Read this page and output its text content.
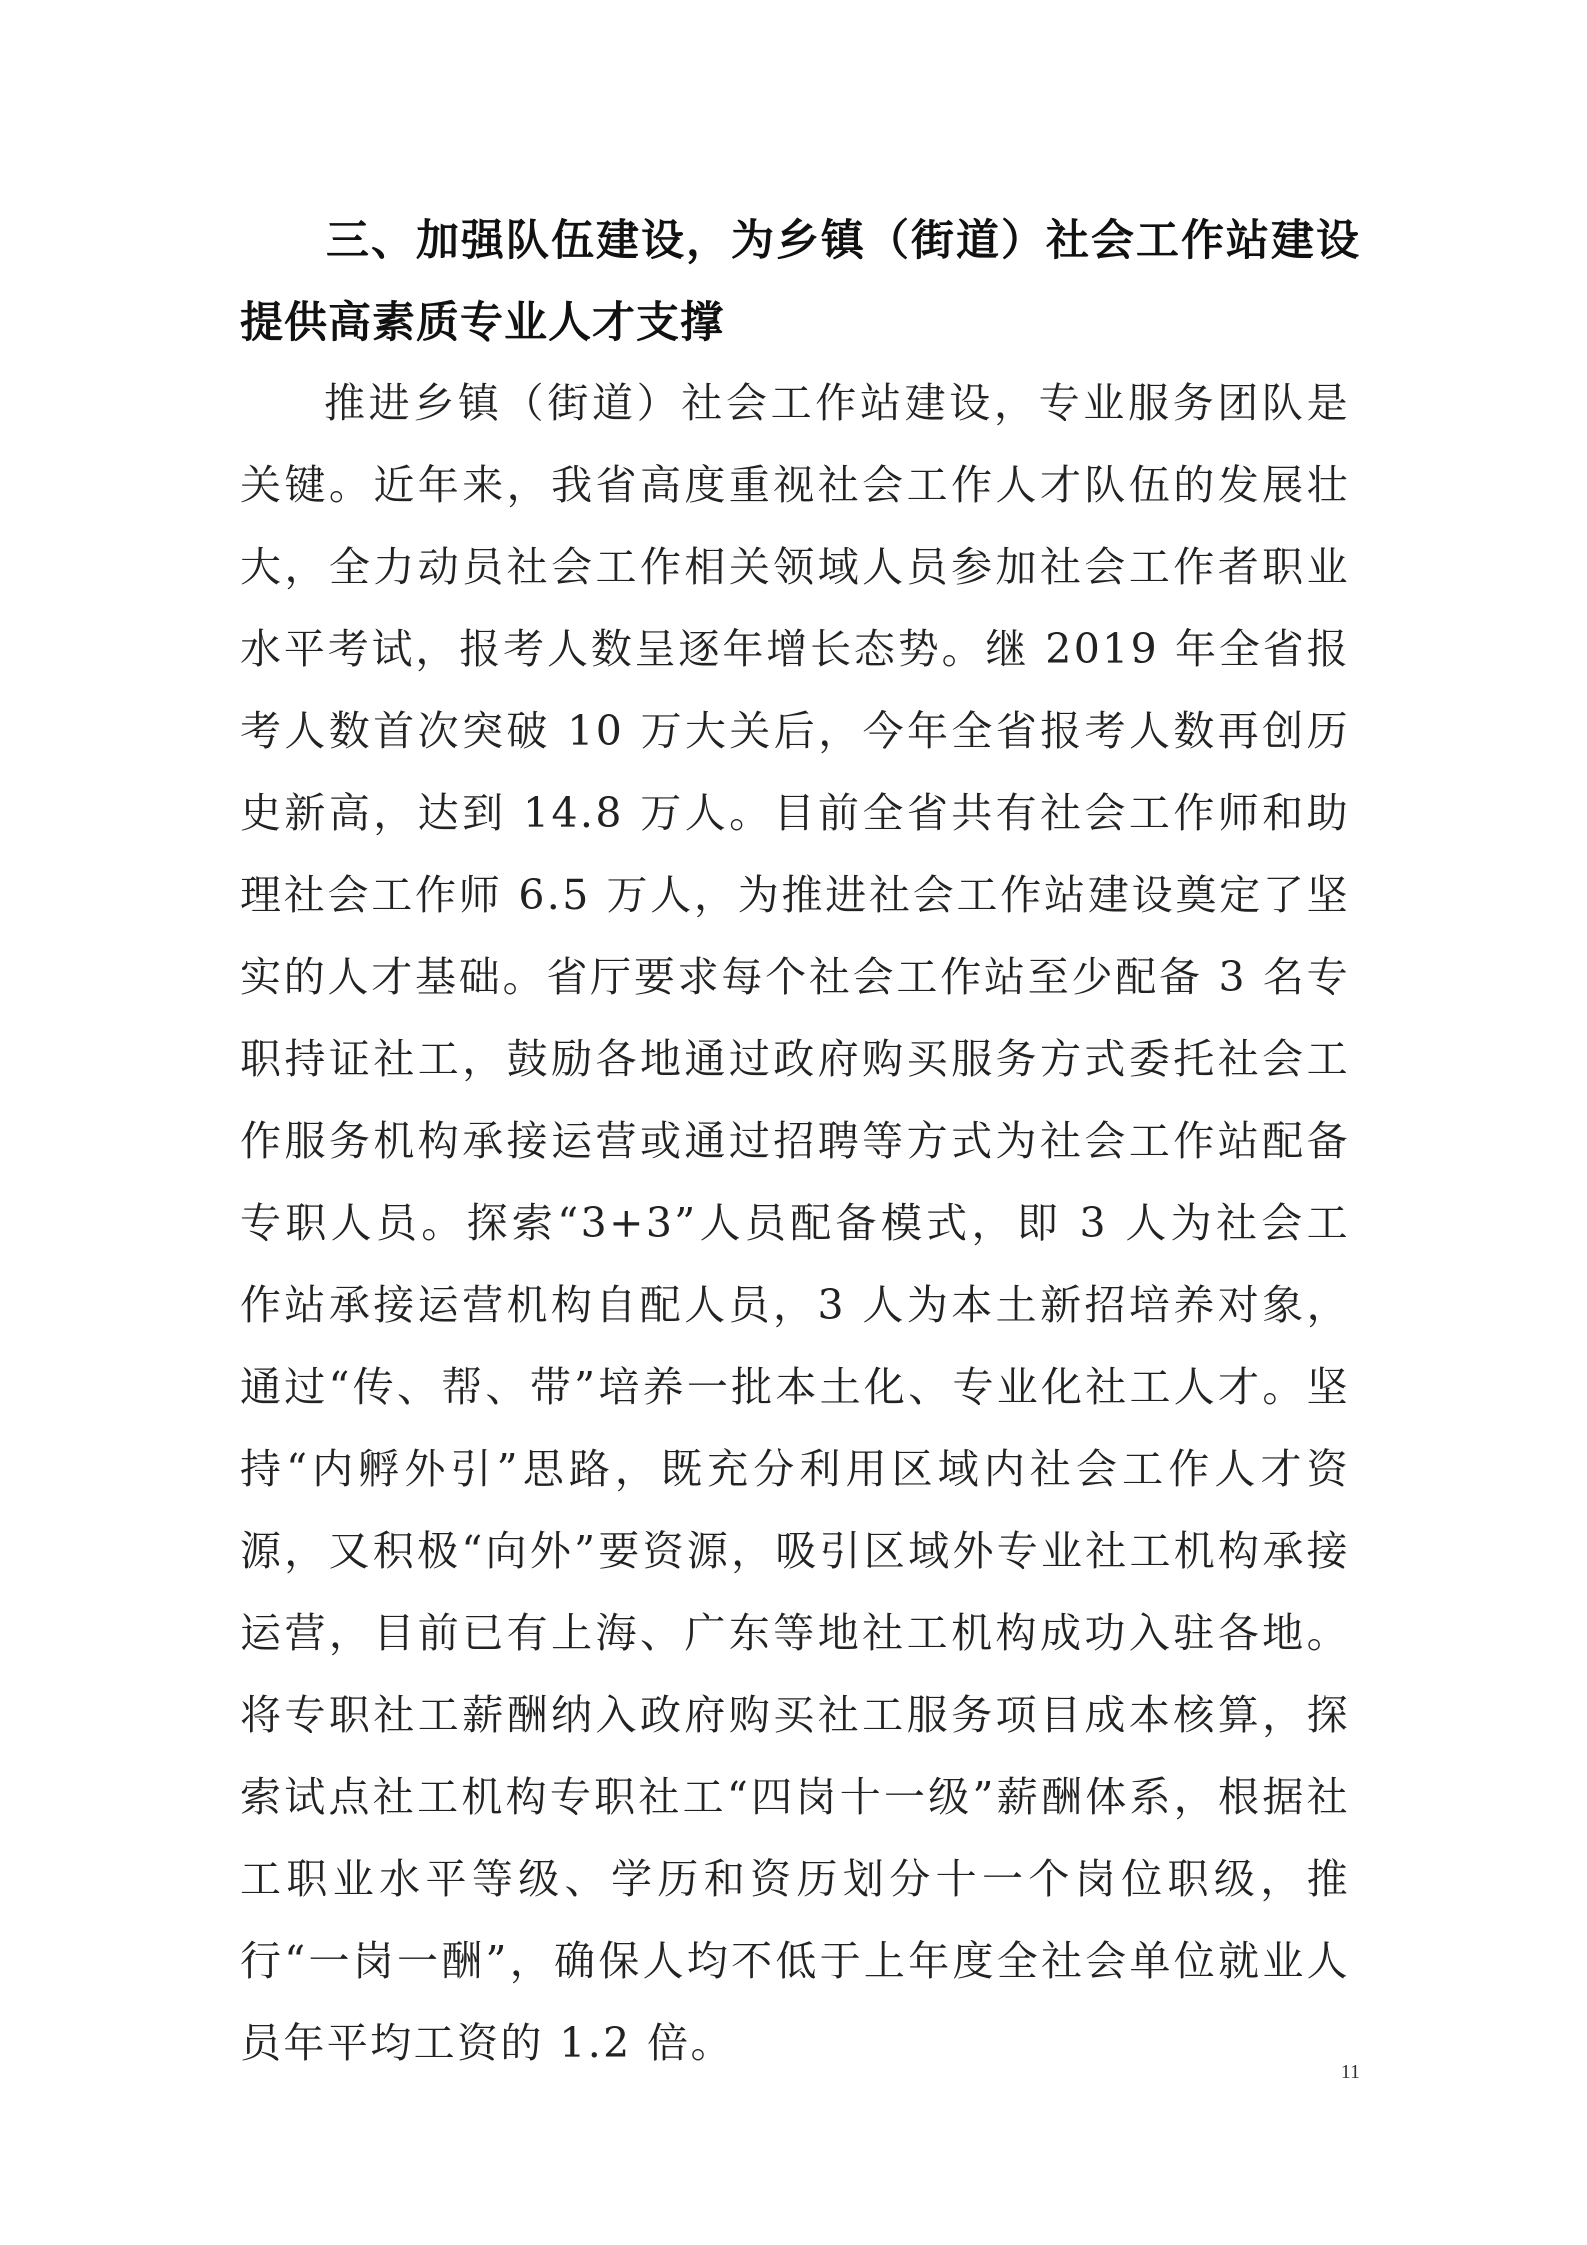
三、加强队伍建设，为乡镇（街道）社会工作站建设提供高素质专业人才支撑

推进乡镇（街道）社会工作站建设，专业服务团队是关键。近年来，我省高度重视社会工作人才队伍的发展壮大，全力动员社会工作相关领域人员参加社会工作者职业水平考试，报考人数呈逐年增长态势。继 2019 年全省报考人数首次突破 10 万大关后，今年全省报考人数再创历史新高，达到 14.8 万人。目前全省共有社会工作师和助理社会工作师 6.5 万人，为推进社会工作站建设奠定了坚实的人才基础。省厅要求每个社会工作站至少配备 3 名专职持证社工，鼓励各地通过政府购买服务方式委托社会工作服务机构承接运营或通过招聘等方式为社会工作站配备专职人员。探索“3+3”人员配备模式，即 3 人为社会工作站承接运营机构自配人员，3 人为本土新招培养对象，通过“传、帮、带”培养一批本土化、专业化社工人才。坚持“内孵外引”思路，既充分利用区域内社会工作人才资源，又积极“向外”要资源，吸引区域外专业社工机构承接运营，目前已有上海、广东等地社工机构成功入驻各地。将专职社工薪酬纳入政府购买社工服务项目成本核算，探索试点社工机构专职社工“四岗十一级”薪酬体系，根据社工职业水平等级、学历和资历划分十一个岗位职级，推行“一岗一酬”，确保人均不低于上年度全社会单位就业人员年平均工资的 1.2 倍。

11
